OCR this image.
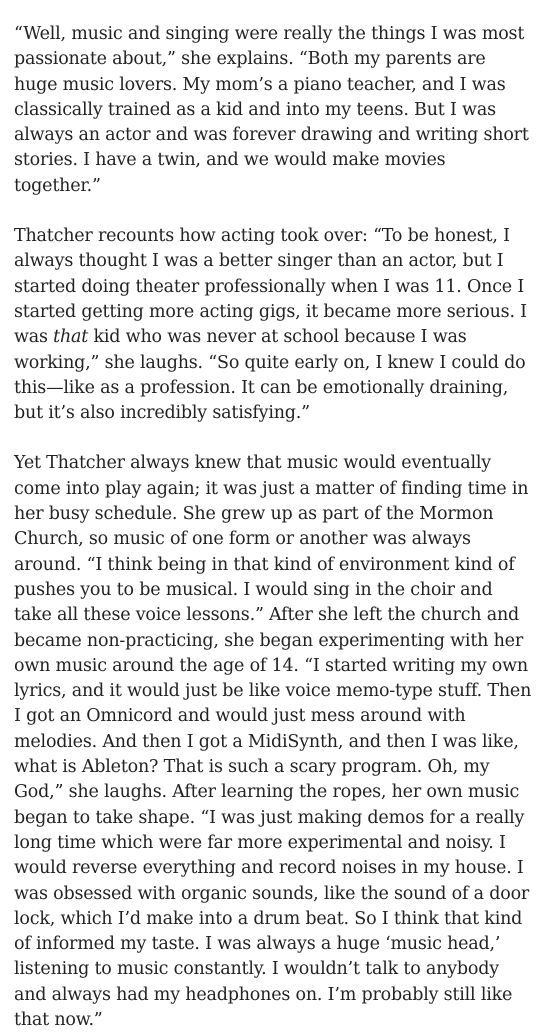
“Well, music and singing were really the things I was most passionate about,” she explains. “Both my parents are huge music lovers. My mom’s a piano teacher, and I was classically trained as a kid and into my teens. But I was always an actor and was forever drawing and writing short stories. I have a twin, and we would make movies together.”

Thatcher recounts how acting took over: “To be honest, I always thought I was a better singer than an actor, but I started doing theater professionally when I was 11. Once I started getting more acting gigs, it became more serious. I was that kid who was never at school because I was working,” she laughs. “So quite early on, I knew I could do this—like as a profession. It can be emotionally draining, but it’s also incredibly satisfying.”

Yet Thatcher always knew that music would eventually come into play again; it was just a matter of finding time in her busy schedule. She grew up as part of the Mormon Church, so music of one form or another was always around. “I think being in that kind of environment kind of pushes you to be musical. I would sing in the choir and take all these voice lessons.” After she left the church and became non-practicing, she began experimenting with her own music around the age of 14. “I started writing my own lyrics, and it would just be like voice memo-type stuff. Then I got an Omnicord and would just mess around with melodies. And then I got a MidiSynth, and then I was like, what is Ableton? That is such a scary program. Oh, my God,” she laughs. After learning the ropes, her own music began to take shape. “I was just making demos for a really long time which were far more experimental and noisy. I would reverse everything and record noises in my house. I was obsessed with organic sounds, like the sound of a door lock, which I’d make into a drum beat. So I think that kind of informed my taste. I was always a huge ‘music head,’ listening to music constantly. I wouldn’t talk to anybody and always had my headphones on. I’m probably still like that now.”
